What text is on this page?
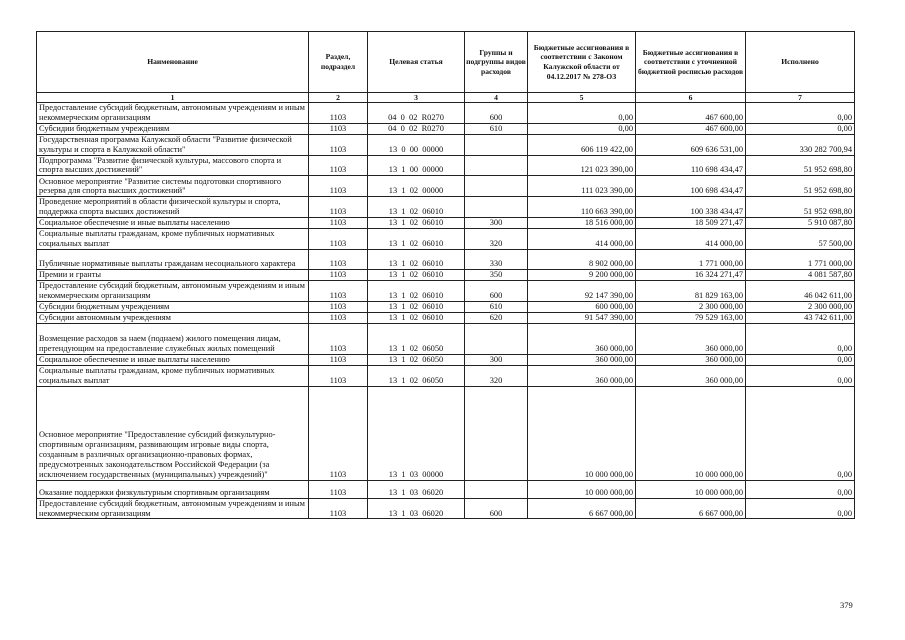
Наименование	Раздел, подраздел	Целевая статья	Группы и подгруппы видов расходов	Бюджетные ассигнования в соответствии с Законом Калужской области от 04.12.2017 № 278-ОЗ	Бюджетные ассигнования в соответствии с уточненной бюджетной росписью расходов	Исполнено
1	2	3	4	5	6	7
Предоставление субсидий бюджетным, автономным учреждениям и иным некоммерческим организациям	1103	04  0  02  R0270	600	0,00	467 600,00	0,00
Субсидии бюджетным учреждениям	1103	04  0  02  R0270	610	0,00	467 600,00	0,00
Государственная программа Калужской области "Развитие физической культуры и спорта в Калужской области"	1103	13  0  00  00000		606 119 422,00	609 636 531,00	330 282 700,94
Подпрограмма "Развитие физической культуры, массового спорта и спорта высших достижений"	1103	13  1  00  00000		121 023 390,00	110 698 434,47	51 952 698,80
Основное мероприятие "Развитие системы подготовки спортивного резерва для спорта высших достижений"	1103	13  1  02  00000		111 023 390,00	100 698 434,47	51 952 698,80
Проведение мероприятий в области физической культуры и спорта, поддержка спорта высших достижений	1103	13  1  02  06010		110 663 390,00	100 338 434,47	51 952 698,80
Социальное обеспечение и иные выплаты населению	1103	13  1  02  06010	300	18 516 000,00	18 509 271,47	5 910 087,80
Социальные выплаты гражданам, кроме публичных нормативных социальных выплат	1103	13  1  02  06010	320	414 000,00	414 000,00	57 500,00
Публичные нормативные выплаты гражданам несоциального характера	1103	13  1  02  06010	330	8 902 000,00	1 771 000,00	1 771 000,00
Премии и гранты	1103	13  1  02  06010	350	9 200 000,00	16 324 271,47	4 081 587,80
Предоставление субсидий бюджетным, автономным учреждениям и иным некоммерческим организациям	1103	13  1  02  06010	600	92 147 390,00	81 829 163,00	46 042 611,00
Субсидии бюджетным учреждениям	1103	13  1  02  06010	610	600 000,00	2 300 000,00	2 300 000,00
Субсидии автономным учреждениям	1103	13  1  02  06010	620	91 547 390,00	79 529 163,00	43 742 611,00
Возмещение расходов за наем (поднаем) жилого помещения лицам, претендующим на предоставление служебных жилых помещений	1103	13  1  02  06050		360 000,00	360 000,00	0,00
Социальное обеспечение и иные выплаты населению	1103	13  1  02  06050	300	360 000,00	360 000,00	0,00
Социальные выплаты гражданам, кроме публичных нормативных социальных выплат	1103	13  1  02  06050	320	360 000,00	360 000,00	0,00
Основное мероприятие "Предоставление субсидий физкультурно-спортивным организациям, развивающим игровые виды спорта, созданным в различных организационно-правовых формах, предусмотренных законодательством Российской Федерации (за исключением государственных (муниципальных) учреждений)"	1103	13  1  03  00000		10 000 000,00	10 000 000,00	0,00
Оказание поддержки физкультурным спортивным организациям	1103	13  1  03  06020		10 000 000,00	10 000 000,00	0,00
Предоставление субсидий бюджетным, автономным учреждениям и иным некоммерческим организациям	1103	13  1  03  06020	600	6 667 000,00	6 667 000,00	0,00
379
